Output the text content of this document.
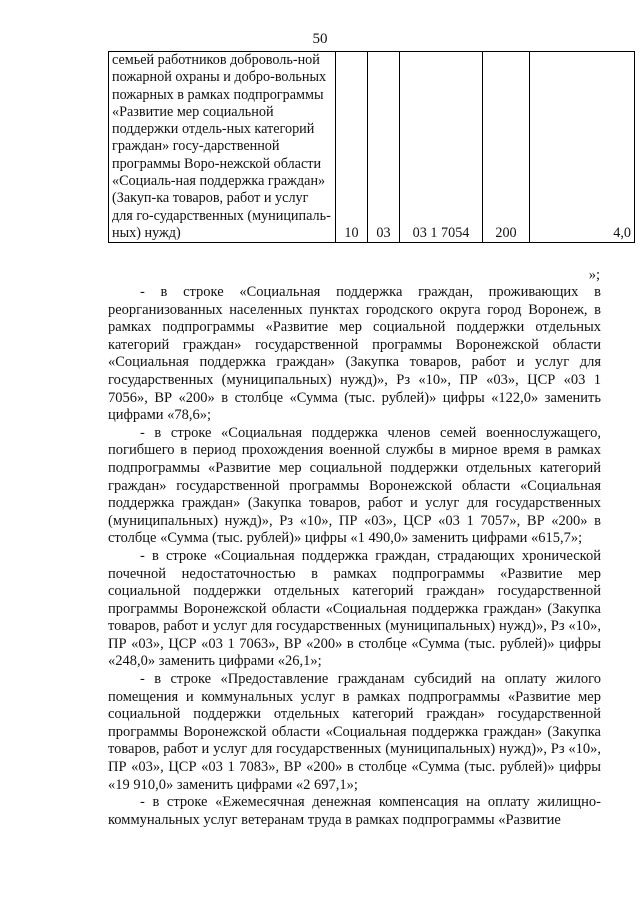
50
семьей работников доброволь-ной пожарной охраны и добро-вольных пожарных в рамках подпрограммы «Развитие мер социальной поддержки отдель-ных категорий граждан» госу-дарственной программы Воро-нежской области «Социаль-ная поддержка граждан» (Закуп-ка товаров, работ и услуг для го-сударственных (муниципаль-ных) нужд)	10	03	03 1 7054	200	4,0
»;

- в строке «Социальная поддержка граждан, проживающих в реорганизованных населенных пунктах городского округа город Воронеж, в рамках подпрограммы «Развитие мер социальной поддержки отдельных категорий граждан» государственной программы Воронежской области «Социальная поддержка граждан» (Закупка товаров, работ и услуг для государственных (муниципальных) нужд)», Рз «10», ПР «03», ЦСР «03 1 7056», ВР «200» в столбце «Сумма (тыс. рублей)» цифры «122,0» заменить цифрами «78,6»;

- в строке «Социальная поддержка членов семей военнослужащего, погибшего в период прохождения военной службы в мирное время в рамках подпрограммы «Развитие мер социальной поддержки отдельных категорий граждан» государственной программы Воронежской области «Социальная поддержка граждан» (Закупка товаров, работ и услуг для государственных (муниципальных) нужд)», Рз «10», ПР «03», ЦСР «03 1 7057», ВР «200» в столбце «Сумма (тыс. рублей)» цифры «1 490,0» заменить цифрами «615,7»;

- в строке «Социальная поддержка граждан, страдающих хронической почечной недостаточностью в рамках подпрограммы «Развитие мер социальной поддержки отдельных категорий граждан» государственной программы Воронежской области «Социальная поддержка граждан» (Закупка товаров, работ и услуг для государственных (муниципальных) нужд)», Рз «10», ПР «03», ЦСР «03 1 7063», ВР «200» в столбце «Сумма (тыс. рублей)» цифры «248,0» заменить цифрами «26,1»;

- в строке «Предоставление гражданам субсидий на оплату жилого помещения и коммунальных услуг в рамках подпрограммы «Развитие мер социальной поддержки отдельных категорий граждан» государственной программы Воронежской области «Социальная поддержка граждан» (Закупка товаров, работ и услуг для государственных (муниципальных) нужд)», Рз «10», ПР «03», ЦСР «03 1 7083», ВР «200» в столбце «Сумма (тыс. рублей)» цифры «19 910,0» заменить цифрами «2 697,1»;

- в строке «Ежемесячная денежная компенсация на оплату жилищно-коммунальных услуг ветеранам труда в рамках подпрограммы «Развитие
